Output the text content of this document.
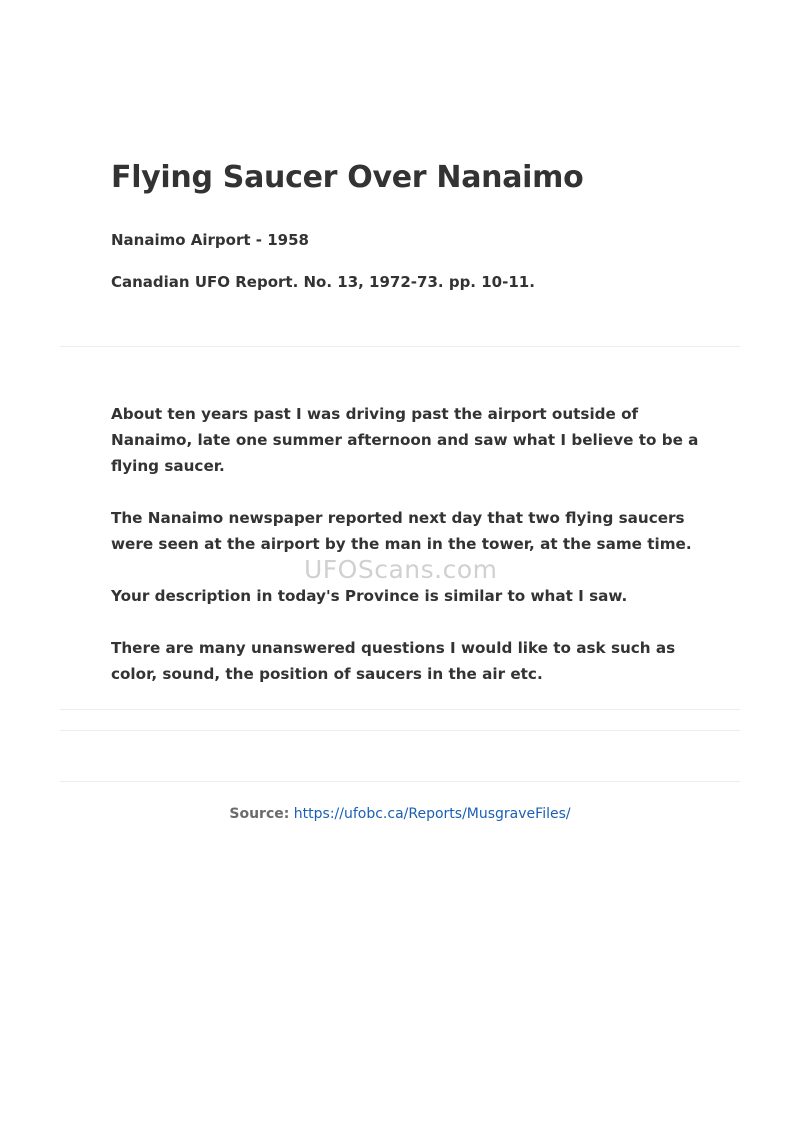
Flying Saucer Over Nanaimo

Nanaimo Airport - 1958

Canadian UFO Report. No. 13, 1972-73. pp. 10-11.

About ten years past I was driving past the airport outside of Nanaimo, late one summer afternoon and saw what I believe to be a flying saucer.

The Nanaimo newspaper reported next day that two flying saucers were seen at the airport by the man in the tower, at the same time.

Your description in today's Province is similar to what I saw.

There are many unanswered questions I would like to ask such as color, sound, the position of saucers in the air etc.

UFOScans.com
Source: https://ufobc.ca/Reports/MusgraveFiles/
